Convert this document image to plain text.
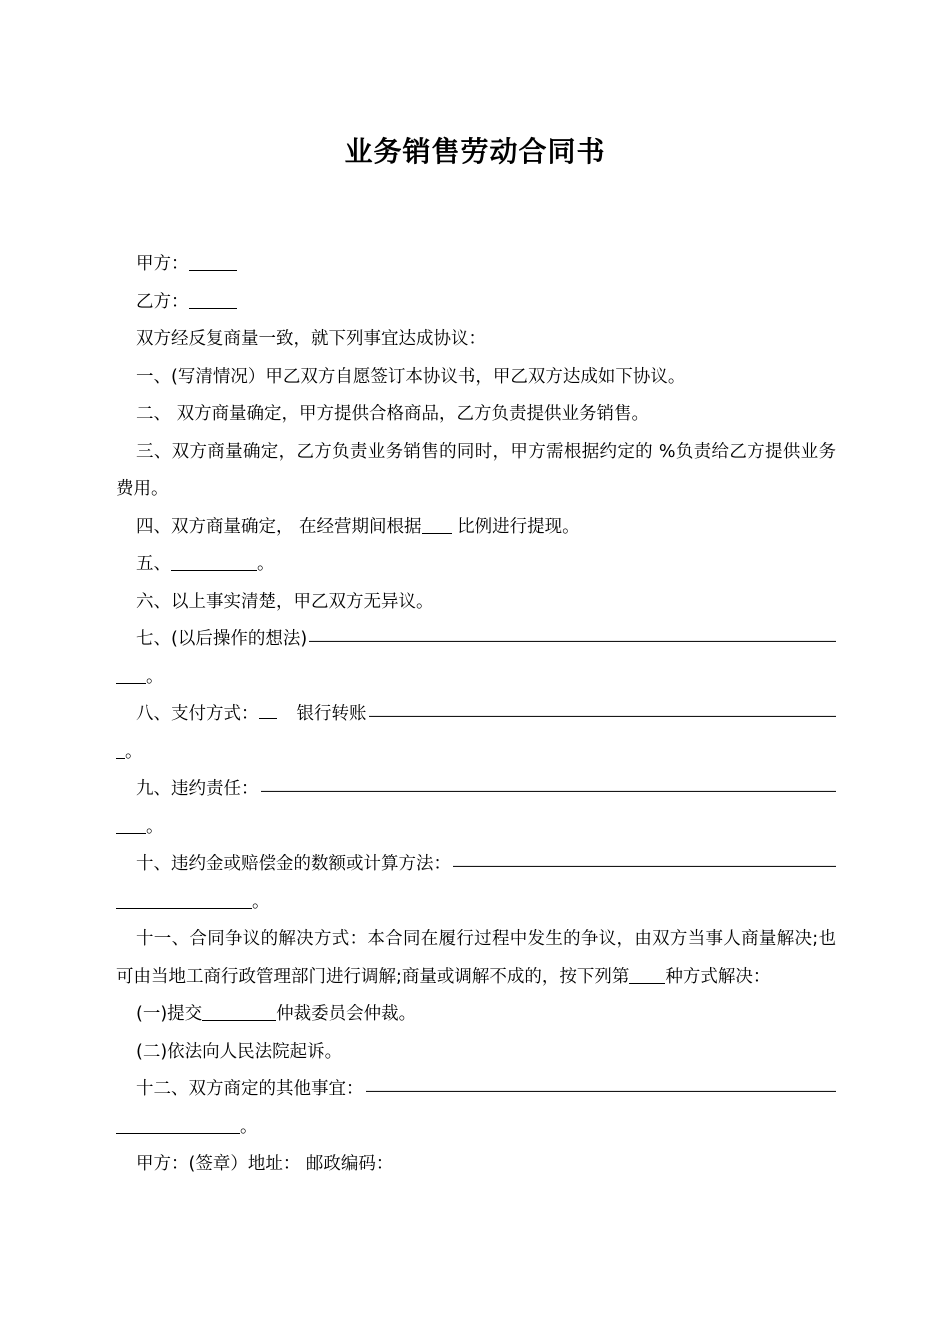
业务销售劳动合同书

甲方：

乙方：

双方经反复商量一致，就下列事宜达成协议：

一、(写清情况）甲乙双方自愿签订本协议书，甲乙双方达成如下协议。

二、 双方商量确定，甲方提供合格商品，乙方负责提供业务销售。

三、双方商量确定，乙方负责业务销售的同时，甲方需根据约定的 %负责给乙方提供业务费用。

四、双方商量确定， 在经营期间根据 比例进行提现。

五、	。

六、以上事实清楚，甲乙双方无异议。

七、(以后操作的想法)

。

八、支付方式：	银行转账

。

九、违约责任：

。

十、违约金或赔偿金的数额或计算方法：

。

十一、合同争议的解决方式：本合同在履行过程中发生的争议，由双方当事人商量解决;也可由当地工商行政管理部门进行调解;商量或调解不成的，按下列第 种方式解决：

(一)提交	仲裁委员会仲裁。

(二)依法向人民法院起诉。

十二、双方商定的其他事宜：

。

甲方：(签章）地址： 邮政编码：
